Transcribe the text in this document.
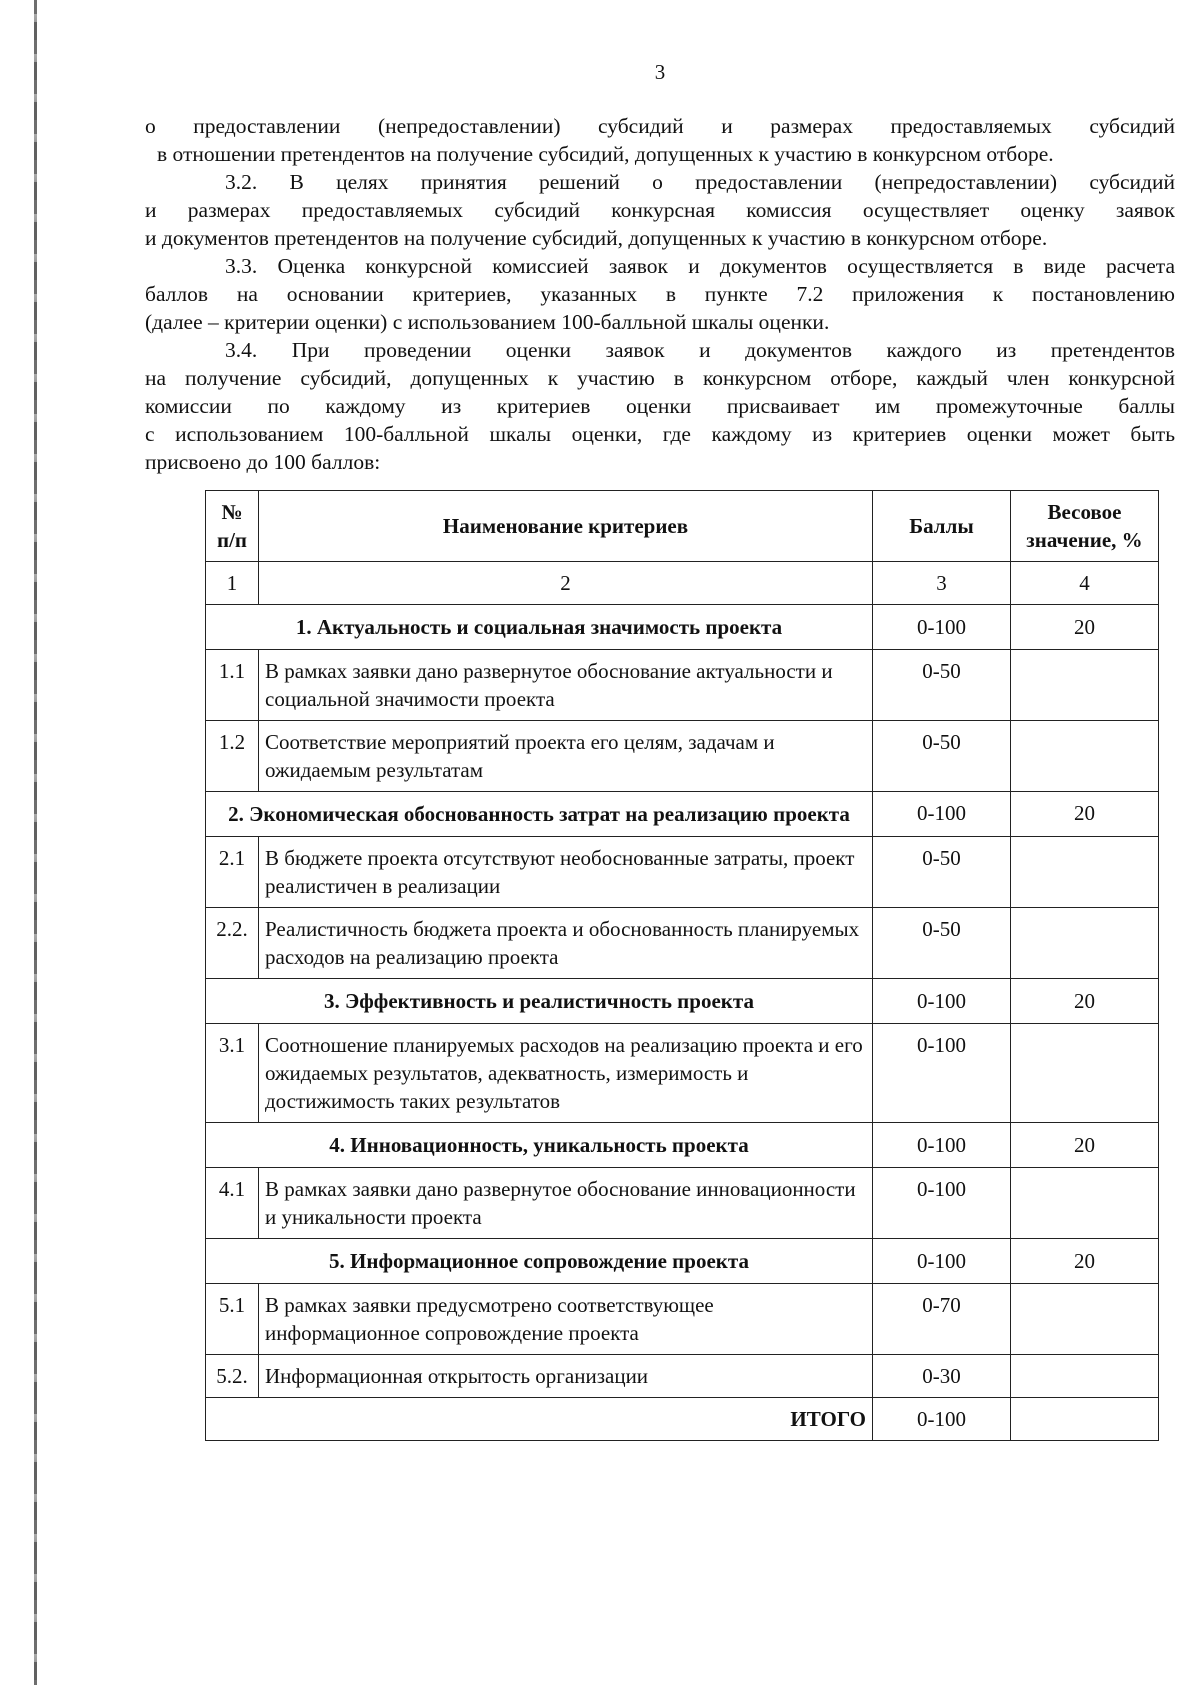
3

о предоставлении (непредоставлении) субсидий и размерах предоставляемых субсидий

в отношении претендентов на получение субсидий, допущенных к участию в конкурсном отборе.

3.2. В целях принятия решений о предоставлении (непредоставлении) субсидий

и размерах предоставляемых субсидий конкурсная комиссия осуществляет оценку заявок

и документов претендентов на получение субсидий, допущенных к участию в конкурсном отборе.

3.3. Оценка конкурсной комиссией заявок и документов осуществляется в виде расчета

баллов на основании критериев, указанных в пункте 7.2 приложения к постановлению

(далее – критерии оценки) с использованием 100-балльной шкалы оценки.

3.4. При проведении оценки заявок и документов каждого из претендентов

на получение субсидий, допущенных к участию в конкурсном отборе, каждый член конкурсной

комиссии по каждому из критериев оценки присваивает им промежуточные баллы

с использованием 100-балльной шкалы оценки, где каждому из критериев оценки может быть

присвоено до 100 баллов:

№ п/п	Наименование критериев	Баллы	Весовое значение, %
1	2	3	4
1. Актуальность и социальная значимость проекта		0-100	20
1.1	В рамках заявки дано развернутое обоснование актуальности и социальной значимости проекта	0-50	
1.2	Соответствие мероприятий проекта его целям, задачам и ожидаемым результатам	0-50	
2. Экономическая обоснованность затрат на реализацию проекта		0-100	20
2.1	В бюджете проекта отсутствуют необоснованные затраты, проект реалистичен в реализации	0-50	
2.2.	Реалистичность бюджета проекта и обоснованность планируемых расходов на реализацию проекта	0-50	
3. Эффективность и реалистичность проекта		0-100	20
3.1	Соотношение планируемых расходов на реализацию проекта и его ожидаемых результатов, адекватность, измеримость и достижимость таких результатов	0-100	
4. Инновационность, уникальность проекта		0-100	20
4.1	В рамках заявки дано развернутое обоснование инновационности и уникальности проекта	0-100	
5. Информационное сопровождение проекта		0-100	20
5.1	В рамках заявки предусмотрено соответствующее информационное сопровождение проекта	0-70	
5.2.	Информационная открытость организации	0-30	
ИТОГО		0-100	
